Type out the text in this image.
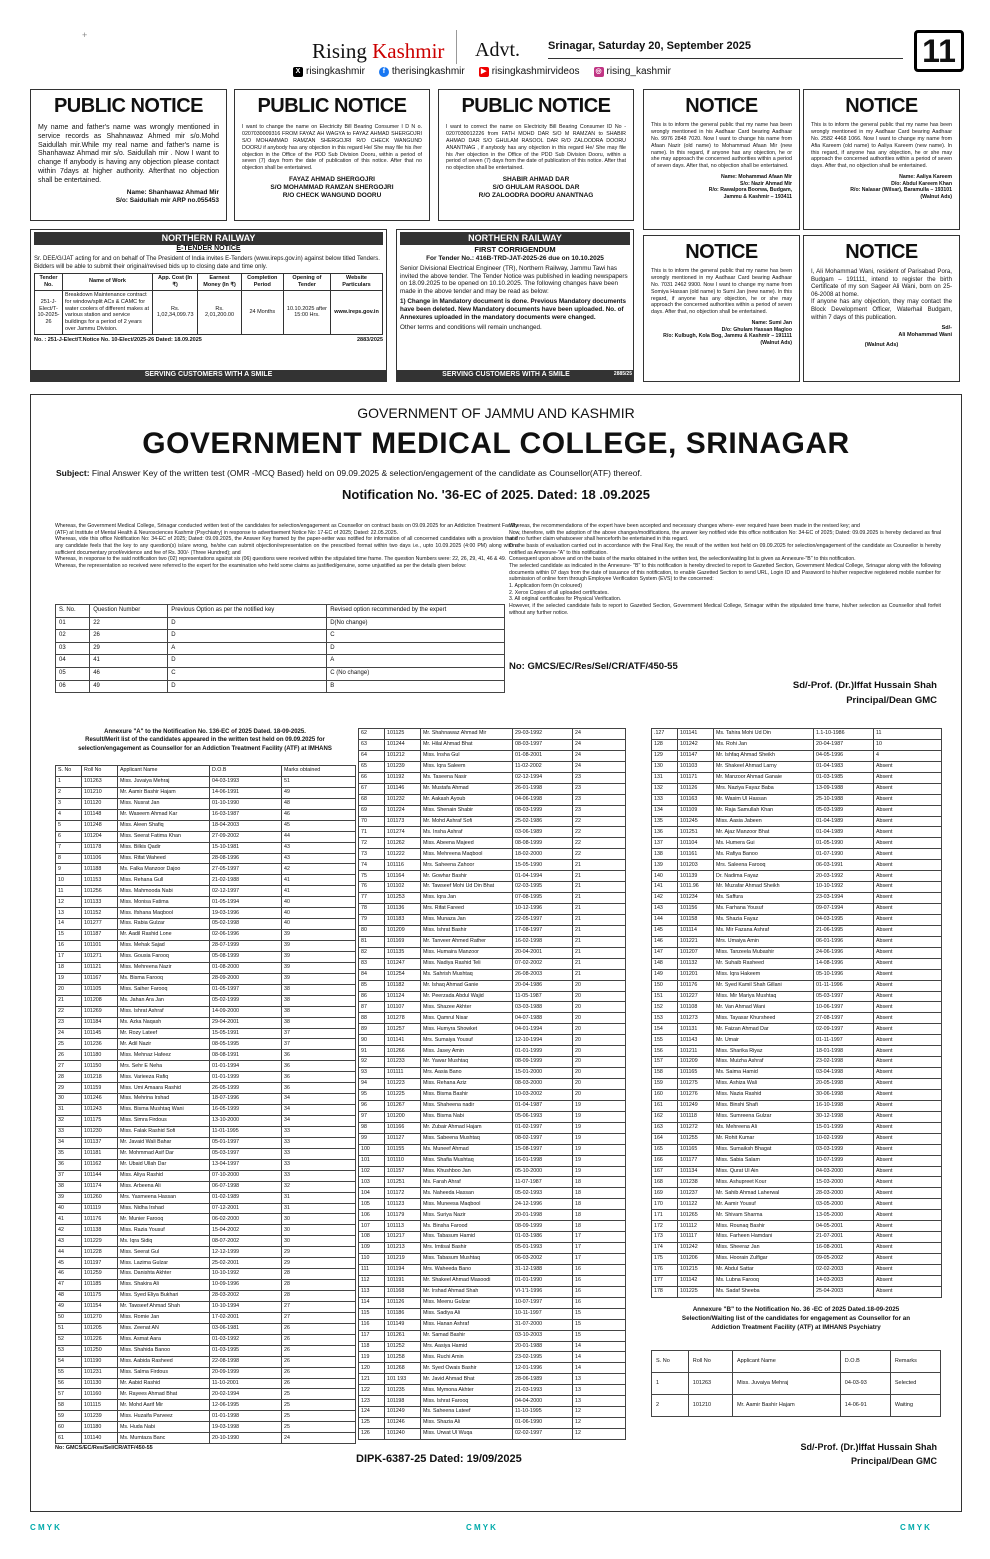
+
Rising Kashmir Advt.	Srinagar, Saturday 20, September 2025	11
X risingkashmir	f therisingkashmir	▶ risingkashmirvideos ◎ rising_kashmir
PUBLIC NOTICE
My name and father's name was wrongly mentioned in service records as Shahnawaz Ahmed mir s/o.Mohd Saidullah mir.While my real name and father's name is Shanhawaz Ahmad mir s/o. Saidullah mir . Now I want to change If anybody is having any objection please contact within 7days at higher authority. Afterthat no objection shall be entertained.
Name: Shanhawaz Ahmad Mir
S/o: Saidullah mir ARP no.055453
PUBLIC NOTICE
I want to change the name on Electricity Bill Bearing Consumer I D N o. 0207030009316 FROM FAYAZ AH WAGYA to FAYAZ AHMAD SHERGOJRI S/O MOHAMMAD RAMZAN SHERGOJRI R/O CHECK WANGUND DOORU if anybody has any objection in this regard He/ She may file his /her objection in the Office of the PDD Sub Division Dooru, within a period of seven (7) days from the date of publication of this notice. After that no objection shall be entertained.
FAYAZ AHMAD SHERGOJRI
S/O MOHAMMAD RAMZAN SHERGOJRI
R/O CHECK WANGUND DOORU
PUBLIC NOTICE
I want to correct the name on Electricity Bill Bearing Consumer ID No - 0207030012226 from FATH MOHD DAR S/O M RAMZAN to SHABIR AHMAD DAR S/O GHULAM RASOOL DAR R/O ZALOODRA DOORU ANANTNAG , if anybody has any objection in this regard He/ She may file his /her objection in the Office of the PDD Sub Division Dooru, within a period of seven (7) days from the date of publication of this notice. After that no objection shall be entertained.
SHABIR AHMAD DAR
S/O GHULAM RASOOL DAR
R/O ZALOODRA DOORU ANANTNAG
NOTICE
This is to inform the general public that my name has been wrongly mentioned in his Aadhaar Card bearing Aadhaar No. 9976 2848 7020. Now I want to change his name from Afaan Nazir (old name) to Mohammad Afaan Mir (new name). In this regard, if anyone has any objection, he or she may approach the concerned authorities within a period of seven days. After that, no objection shall be entertained.
Name: Mohammad Afaan Mir
S/o: Nazir Ahmad Mir
R/o: Rawalpora Boorwa, Budgam,
Jammu & Kashmir – 193411
NOTICE
This is to inform the general public that my name has been wrongly mentioned in my Aadhaar Card bearing Aadhaar No. 2582 4468 1066. Now I want to change my name from Afia Kareem (old name) to Aaliya Kareem (new name). In this regard, if anyone has any objection, he or she may approach the concerned authorities within a period of seven days. After that, no objection shall be entertained.
Name: Aaliya Kareem
D/o: Abdul Kareem Khan
R/o: Nalasar (Wilsar), Baramulla – 193101
(Walnut Ads)
NORTHERN RAILWAY
E-TENDER NOTICE
Sr. DEE/G/JAT acting for and on behalf of The President of India invites E-Tenders (www.ireps.gov.in) against below titled Tenders. Bidders will be able to submit their original/revised bids up to closing date and time only.
Tender No.	Name of Work	App. Cost (In ₹)	Earnest Money (In ₹)	Completion Period	Opening of Tender	Website Particulars
251-J-Elect/T-10-2025-26	Breakdown Maintenance contract for window/split ACs & CAMC for water coolers of different makes at various station and service buildings for a period of 2 years over Jammu Division.	Rs. 1,02,34,099.73	Rs. 2,01,200.00	24 Months	10.10.2025 after 15:00 Hrs.	www.ireps.gov.in
No. : 251-J-Elect/T.Notice No. 10-Elect/2025-26 Dated: 18.09.2025	2883/2025
SERVING CUSTOMERS WITH A SMILE
NORTHERN RAILWAY
FIRST CORRIGENDUM
For Tender No.: 416B-TRD-JAT-2025-26 due on 10.10.2025
Senior Divisional Electrical Engineer (TR), Northern Railway, Jammu Tawi has invited the above tender. The Tender Notice was published in leading newspapers on 18.09.2025 to be opened on 10.10.2025. The following changes have been made in the above tender and may be read as below:
1) Change in Mandatory document is done. Previous Mandatory documents have been deleted. New Mandatory documents have been uploaded. No. of Annexures uploaded in the mandatory documents were changed.
Other terms and conditions will remain unchanged.
SERVING CUSTOMERS WITH A SMILE	2885/25
NOTICE
This is to inform the general public that my name has been wrongly mentioned in my Aadhaar Card bearing Aadhaar No. 7031 2462 9900. Now I want to change my name from Somiya Hassan (old name) to Sumi Jan (new name). In this regard, if anyone has any objection, he or she may approach the concerned authorities within a period of seven days. After that, no objection shall be entertained.
Name: Sumi Jan
D/o: Ghulam Hassan Magloo
R/o: Kulbugh, Kola Bog, Jammu & Kashmir – 191111
(Walnut Ads)
NOTICE
I, Ali Mohammad Wani, resident of Parisabad Pora, Budgam – 191111, intend to register the birth Certificate of my son Sageer Ali Wani, born on 25-06-2008 at home.
If anyone has any objection, they may contact the Block Development Officer, Waterhail Budgam, within 7 days of this publication.
Sd/-
Ali Mohammad Wani
(Walnut Ads)
GOVERNMENT OF JAMMU AND KASHMIR
GOVERNMENT MEDICAL COLLEGE, SRINAGAR
Subject: Final Answer Key of the written test (OMR -MCQ Based) held on 09.09.2025 & selection/engagement of the candidate as Counsellor(ATF) thereof.
Notification No. '36-EC of 2025. Dated: 18 .09.2025
Whereas, the Government Medical College, Srinagar conducted written test of the candidates for selection/engagement as Counsellor on contract basis on 09.09.2025 for an Addiction Treatment Facility (ATF) at Institute of Mental Health & Neurosciences Kashmir (Psychiatry) in response to advertisement Notice No: 17-EC of 2025; Dated: 22.05.2025.
Whereas, vide this office Notification No: 34-EC of 2025; Dated: 09.09.2025, the Answer Key framed by the paper-setter was notified for information of all concerned candidates with a provision that if any candidate feels that the key to any question(s) is/are wrong, he/she can submit objection/representation on the prescribed format within two days i.e., upto 10.09.2025 (4:00 PM) along with a sufficient documentary proof/evidence and fee of Rs. 300/- (Three Hundred); and
Whereas, in response to the said notification two (02) representations against six (06) questions were received within the stipulated time frame. The question Numbers were: 22, 26, 29, 41, 46 & 49.
Whereas, the representation so received were referred to the expert for the examination who held some claims as justified/genuine, some unjustified as per the details given below:
Whereas, the recommendations of the expert have been accepted and necessary changes where- ever required have been made in the revised key; and
Now, therefore, with the adoption of the above changes/modifications, the answer key notified vide this office notification No: 34-EC of 2025; Dated: 09.09.2025 is hereby declared as final and no further claim whatsoever shall henceforth be entertained in this regard.
On the basis of evaluation carried out in accordance with the Final Key, the result of the written test held on 09.09.2025 for selection/engagement of the candidate as Counsellor is hereby notified as Annexure-"A" to this notification.
Consequent upon above and on the basis of the marks obtained in the written test, the selection/waiting list is given as Annexure-"B" to this notification.
The selected candidate as indicated in the Annexure- "B" to this notification is hereby directed to report to Gazetted Section, Government Medical College, Srinagar along with the following documents within 07 days from the date of issuance of this notification, to enable Gazetted Section to send URL, Login ID and Password to his/her respective registered mobile number for submission of online form through Employee Verification System (EVS) to the concerned:
1. Application form (in coloured)
2. Xerox Copies of all uploaded certificates.
3. All original certificates for Physical Verification.
However, if the selected candidate fails to report to Gazetted Section, Government Medical College, Srinagar within the stipulated time frame, his/her selection as Counsellor shall forfeit without any further notice.
S. No.	Question Number	Previous Option as per the notified key	Revised option recommended by the expert
01	22	D	D(No change)
02	26	D	C
03	29	A	D
04	41	D	A
05	46	C	C (No change)
06	49	D	B
No: GMCS/EC/Res/Sel/CR/ATF/450-55
Sd/-Prof. (Dr.)Iffat Hussain Shah
Principal/Dean GMC
Annexure "A" to the Notification No. 136-EC of 2025 Dated. 18-09-2025.
Result/Merit list of the candidates appeared in the written test held on 09.09.2025 for
selection/engagement as Counsellor for an Addiction Treatment Facility (ATF) at IMHANS
S. No	Roll No	Applicant Name	D.O.B	Marks obtained
1	101263	Miss. Juvaiya Mehraj	04-03-1993	51
2	101210	Mr. Aamir Bashir Hajam	14-06-1991	49
3	101120	Miss. Nusrat Jan	01-10-1990	48
4	101148	Mr. Waseem Ahmad Kar	16-03-1987	46
5	101248	Miss. Aleen Shafiq	18-04-2003	45
6	101204	Miss. Seerat Fatima Khan	27-09-2002	44
7	101178	Miss. Bilkis Qadir	15-10-1981	43
8	101106	Miss. Rifat Waheed	28-08-1996	43
9	101188	Ms. Falka Manzoor Dajoo	27-05-1997	42
10	101153	Miss. Rehana Gull	21-02-1988	41
11	101256	Miss. Mahmooda Nabi	02-12-1997	41
12	101133	Miss. Monisa Fatima	01-05-1994	40
13	101152	Miss. Ifshana Maqbool	19-03-1996	40
14	101277	Miss. Rabia Gulzar	05-02-1998	40
15	101187	Mr. Aadil Rashid Lone	02-06-1996	39
16	101101	Miss. Mehak Sajad	28-07-1999	39
17	101271	Miss. Gousia Farooq	05-08-1999	39
18	101121	Miss. Mehreena Nazir	01-08-2000	39
19	101167	Ms. Bisma Farooq	28-09-2000	39
20	101105	Miss. Saiher Farooq	01-05-1997	38
21	101208	Ms. Jahan Ara Jan	05-02-1999	38
22	101269	Miss. Ishrat Ashraf	14-09-2000	38
23	101184	Ms. Azka Naqash	29-04-2001	38
24	101145	Mr. Rozy Lateef	15-05-1991	37
25	101236	Mr. Adil Nazir	08-05-1995	37
26	101180	Miss. Mehnaz Hafeez	08-08-1991	36
27	101150	Mrs. Sehr E Neha	01-01-1994	36
28	101218	Miss. Varieeza Rafiq	01-01-1999	36
29	101159	Miss. Umi Amaara Rashid	26-05-1999	36
30	101246	Miss. Mehrina Irshad	18-07-1996	34
31	101243	Miss. Bisma Mushtaq Wani	16-05-1999	34
32	101175	Miss. Simra Firdous	13-10-2000	34
33	101230	Miss. Falak Rashid Sofi	11-01-1995	33
34	101137	Mr. Javaid Wali Bahar	05-01-1997	33
35	101181	Mr. Mohmmad Asif Dar	05-03-1997	33
36	101162	Mr. Ubaid Ullah Dar	13-04-1997	33
37	101144	Miss. Aliya Rashid	07-10-2000	33
38	101174	Miss. Arbeena Ali	06-07-1998	32
39	101260	Mrs. Yasmeena Hassan	01-02-1989	31
40	101119	Miss. Nidha Irshad	07-12-2001	31
41	101176	Mr. Munier Farooq	06-02-2000	30
42	101138	Miss. Razia Yousuf	15-04-2002	30
43	101229	Ms. Iqra Sidiq	08-07-2002	30
44	101228	Miss. Seerat Gul	12-12-1999	29
45	101197	Miss. Lazima Gulzar	25-02-2001	29
46	101259	Miss. Danishta Akhter	10-10-1992	28
47	101185	Miss. Shakira Ali	10-09-1996	28
48	101175	Miss. Syed Eliya Bukhari	28-03-2002	28
49	101154	Mr. Tawseef Ahmad Shah	10-10-1994	27
50	101270	Miss. Romie Jan	17-02-2001	27
51	101205	Miss. Zeenat AN	03-06-1981	26
52	101226	Miss. Asmat Aara	01-03-1992	26
53	101250	Miss. Shahida Banoo	01-03-1995	26
54	101190	Miss. Aabida Rasheed	22-08-1998	26
55	101231	Miss. Salma Firdous	20-09-1999	26
56	101130	Mr. Aabid Rashid	11-10-2001	26
57	101160	Mr. Rayees Ahmad Bhat	20-02-1994	25
58	101115	Mr. Mohd Aarif Mir	12-06-1995	25
59	101239	Miss. Huzaifa Parveez	01-01-1998	25
60	101180	Ms. Huda Nabi	19-03-1998	25
61	101140	Ms. Mumtaza Banc	20-10-1990	24
No: GMCS/EC/Res/Sel/CR/ATF/450-55
62	101125	Mr. Shahnawaz Ahmad Mir	29-03-1992	24
63	101244	Mr. Hilal Ahmad Bhat	08-03-1997	24
64	101212	Miss. Insha Gul	01-08-2001	24
65	101239	Miss. Iqra Saleem	11-02-2002	24
66	101192	Ms. Taseena Nasir	02-12-1994	23
67	101146	Mr. Mustafa Ahmad	26-01-1998	23
68	101232	Mr. Aakash Ayoub	04-06-1998	23
69	101224	Miss. Shenain Shabir	08-03-1999	23
70	101173	Mr. Mohd Ashraf Sofi	25-02-1986	22
71	101274	Ms. Insha Ashraf	03-06-1989	22
72	101262	Miss. Abeena Majeed	08-08-1999	22
73	101222	Miss. Mehreena Maqbool	18-02-2000	22
74	101116	Mrs. Saheena Zahoor	15-05-1990	21
75	101164	Mr. Gowhar Bashir	01-04-1994	21
76	101102	Mr. Tawseef Mohi Ud Din Bhat	02-03-1995	21
77	101253	Miss. Iqra Jan	07-08-1995	21
78	101136	Mrs. Rifat Fareed	10-12-1996	21
79	101183	Miss. Munaza Jan	22-05-1997	21
80	101209	Miss. Ishrat Bashir	17-08-1997	21
81	101169	Mr. Tanveer Ahmed Rather	16-02-1998	21
82	101135	Miss. Humaira Manzoor	20-04-2001	21
83	101247	Miss. Nadiya Rashid Teli	07-02-2002	21
84	101254	Ms. Sahrish Mushtaq	26-08-2003	21
85	101182	Mr. Ishaq Ahmad Ganie	20-04-1986	20
86	101124	Mr. Peerzada Abdul Wajid	11-05-1987	20
87	101107	Miss. Shazee Akhter	03-03-1988	20
88	101278	Miss. Qamrul Nisar	04-07-1988	20
89	101257	Miss. Humyra Showket	04-01-1994	20
90	101141	Mrs. Sumaiya Yousuf	12-10-1994	20
91	101266	Miss. Jasey Amin	01-01-1999	20
92	101233	Mr. Yawar Mushtaq	08-09-1999	20
93	101111	Mrs. Aasia Bano	15-01-2000	20
94	101223	Miss. Rehana Aziz	08-03-2000	20
95	101225	Miss. Bisma Bashir	10-03-2002	20
96	101267	Miss. Shaheena nadir	01-04-1987	19
97	101200	Miss. Bisma Nabi	05-06-1993	19
98	101166	Mr. Zubair Ahmad Hajam	01-02-1997	19
99	101127	Miss. Sabeena Mushtaq	08-02-1997	19
100	101155	Ms. Muneef Ahmad	15-08-1997	19
101	101110	Miss. Shafia Mushtaq	16-01-1998	19
102	101157	Miss. Khushboo Jan	05-10-2000	19
103	101251	Ms. Farah Ahraf	11-07-1987	18
104	101172	Ms. Naheeda Hassan	05-02-1993	18
105	101123	Miss. Muneesa Maqbool	24-12-1996	18
106	101179	Miss. Suriya Nazir	20-01-1998	18
107	101113	Ms. Binsha Farood	08-09-1999	18
108	101217	Miss. Tabasum Hamid	01-03-1986	17
109	101213	Mrs. Imtisal Bashir	05-01-1993	17
110	101219	Miss. Tabasum Mushtaq	06-03-2002	17
111	101194	Mrs. Waheeda Bano	31-12-1988	16
112	101191	Mr. Shakeel Ahmad Masoodi	01-01-1990	16
113	101168	Mr. Irshad Ahmad Shah	VI-1'1-1996	16
114	101126	Miss. Meenu Gulzar	10-07-1997	16
115	101186	Miss. Sadiya Ali	10-11-1997	15
116	101149	Miss. Hanan Ashraf	31-07-2000	15
117	101261	Mr. Samad Bashir	03-10-2003	15
118	101252	Mrs. Aasiya Hamid	20-01-1988	14
119	101258	Miss. Ruchi Amin	23-02-1995	14
120	101268	Mr. Syed Owais Bashir	12-01-1996	14
121	101 193	Mr. Javid Ahmad Bhat	28-06-1989	13
122	101235	Miss. Mymona Akhter	21-03-1993	13
123	101198	Miss. Ishrat Farooq	04-04-2000	13
124	101249	Ms. Saheena Lateef	11-10-1995	12
125	101246	Miss. Shazia Ali	01-06-1990	12
126	101240	Miss. Urwat Ul Wuqa	02-02-1997	12
.127	101141	Ms. Tahira Mohi Ud Din	1.1-10-1986	11
128	101242	Ms. Rohi Jan	20-04-1987	10
129	101147	Mr. Ishfaq Ahmad Sheikh	04-05-1996	4
130	101103	Mr. Shakeel Ahmad Larny	01-04-1983	Absent
131	101171	Mr. Manzoor Ahmad Ganaie	01-03-1985	Absent
132	101126	Mrs. Naziya Fayaz Baba	13-09-1988	Absent
133	101163	Mr. Wasim Ul Hassan	25-10-1988	Absent
134	101109	Mr. Raja Samullah Khan	05-03-1989	Absent
135	101245	Miss. Aasia Jabeen	01-04-1989	Absent
136	101251	Mr. Ajaz Manzoor Bhat	01-04-1989	Absent
137	101104	Ms. Humera Gui	01-05-1990	Absent
138	101161	Ms. Rafiya Banoo	01-07-1990	Absent
139	101203	Mrs. Saleena Farooq	06-03-1991	Absent
140	101139	Dr. Nadima Fayaz	20-03-1992	Absent
141	1011.96	Mr. Muzafar Ahmad Sheikh	10-10-1992	Absent
142	101234	Ms. Saffura	23-03-1994	Absent
143	101156	Ms. Farhana Yousuf	09-07-1994	Absent
144	101158	Ms. Shazia Fayaz	04-03-1995	Absent
145	101114	Ms. Mir Fazana Ashraf	21-06-1995	Absent
146	101221	Mrs. Umaiya Amin	06-01-1996	Absent
147	101207	Miss. Tanzeela Mubashir	24-06-1996	Absent
148	101132	Mr. Suhaib Rasheed	14-08-1996	Absent
149	101201	Miss. Iqra Hakeem	05-10-1996	Absent
150	101176	Mr. Syed Kamil Shah Gillani	01-11-1996	Absent
151	101227	Miss. Mir Mariya Mushtaq	05-03-1997	Absent
152	101108	Mr. Van Ahmad Wani	10-06-1997	Absent
153	101273	Miss. Tayasar Khursheed	27-08-1997	Absent
154	101131	Mr. Faizan Ahmad Dar	02-09-1997	Absent
155	101143	Mr. Umair	01-11-1997	Absent
156	101211	Miss. Sharika Riyaz	18-01-1998	Absent
157	101209	Miss. Muizha Ashraf	23-02-1998	Absent
158	101165	Ms. Saima Hamid	03-04-1998	Absent
159	101275	Miss. Ashiza Wali	20-05-1998	Absent
160	101276	Miss. Nazia Rashid	30-06-1998	Absent
161	101249	Miss. Binshi Shafi	16-10-1998	Absent
162	101118	Miss. Sumreena Gulzar	30-12-1998	Absent
163	101272	Ms. Mehreena Ali	15-01-1999	Absent
164	101255	Mr. Rohit Kumar	10-02-1999	Absent
165	101165	Miss. Sumaiksh Bhagat	03-03-1999	Absent
166	101177	Miss. Sabia Salam	10-07-1999	Absent
167	101134	Miss. Qurat Ul Ain	04-03-2000	Absent
168	101238	Miss. Ashupreet Kour	15-03-2000	Absent
169	101237	Mr. Sahib Ahmad Laherwal	28-03-2000	Absent
170	101122	Mr. Aamir Yousuf	03-05-2000	Absent
171	101265	Mr. Shivam Sharma	13-05-2000	Absent
172	101112	Miss. Rounaq Bashir	04-05-2001	Absent
173	101117	Miss. Farheen Hamdani	21-07-2001	Absent
174	101242	Miss. Sheeraz Jan	16-08-2001	Absent
175	101206	Miss. Hoorain Zulfigar	09-05-2002	Absent
176	101215	Mr. Abdul Sattar	02-02-2003	Absent
177	101142	Ms. Lubna Farooq	14-03-2003	Absent
178	101225	Ms. Sadaf Sheeba	25-04-2003	Absent
Annexure "B" to the Notification No. 36 -EC of 2025 Dated.18-09-2025
Selection/Waiting list of the candidates for engagement as Counsellor for an
Addiction Treatment Facility (ATF) at IMHANS Psychiatry
S. No	Roll No	Applicant Name	D.O.B	Remarks
1	101263	Miss. Juvaiya Mehraj	04-03-93	Selected
2	101210	Mr. Aamir Bashir Hajam	14-06-91	Waiting
DIPK-6387-25 Dated: 19/09/2025
Sd/-Prof. (Dr.)Iffat Hussain Shah
Principal/Dean GMC
C M Y K	C M Y K	C M Y K
